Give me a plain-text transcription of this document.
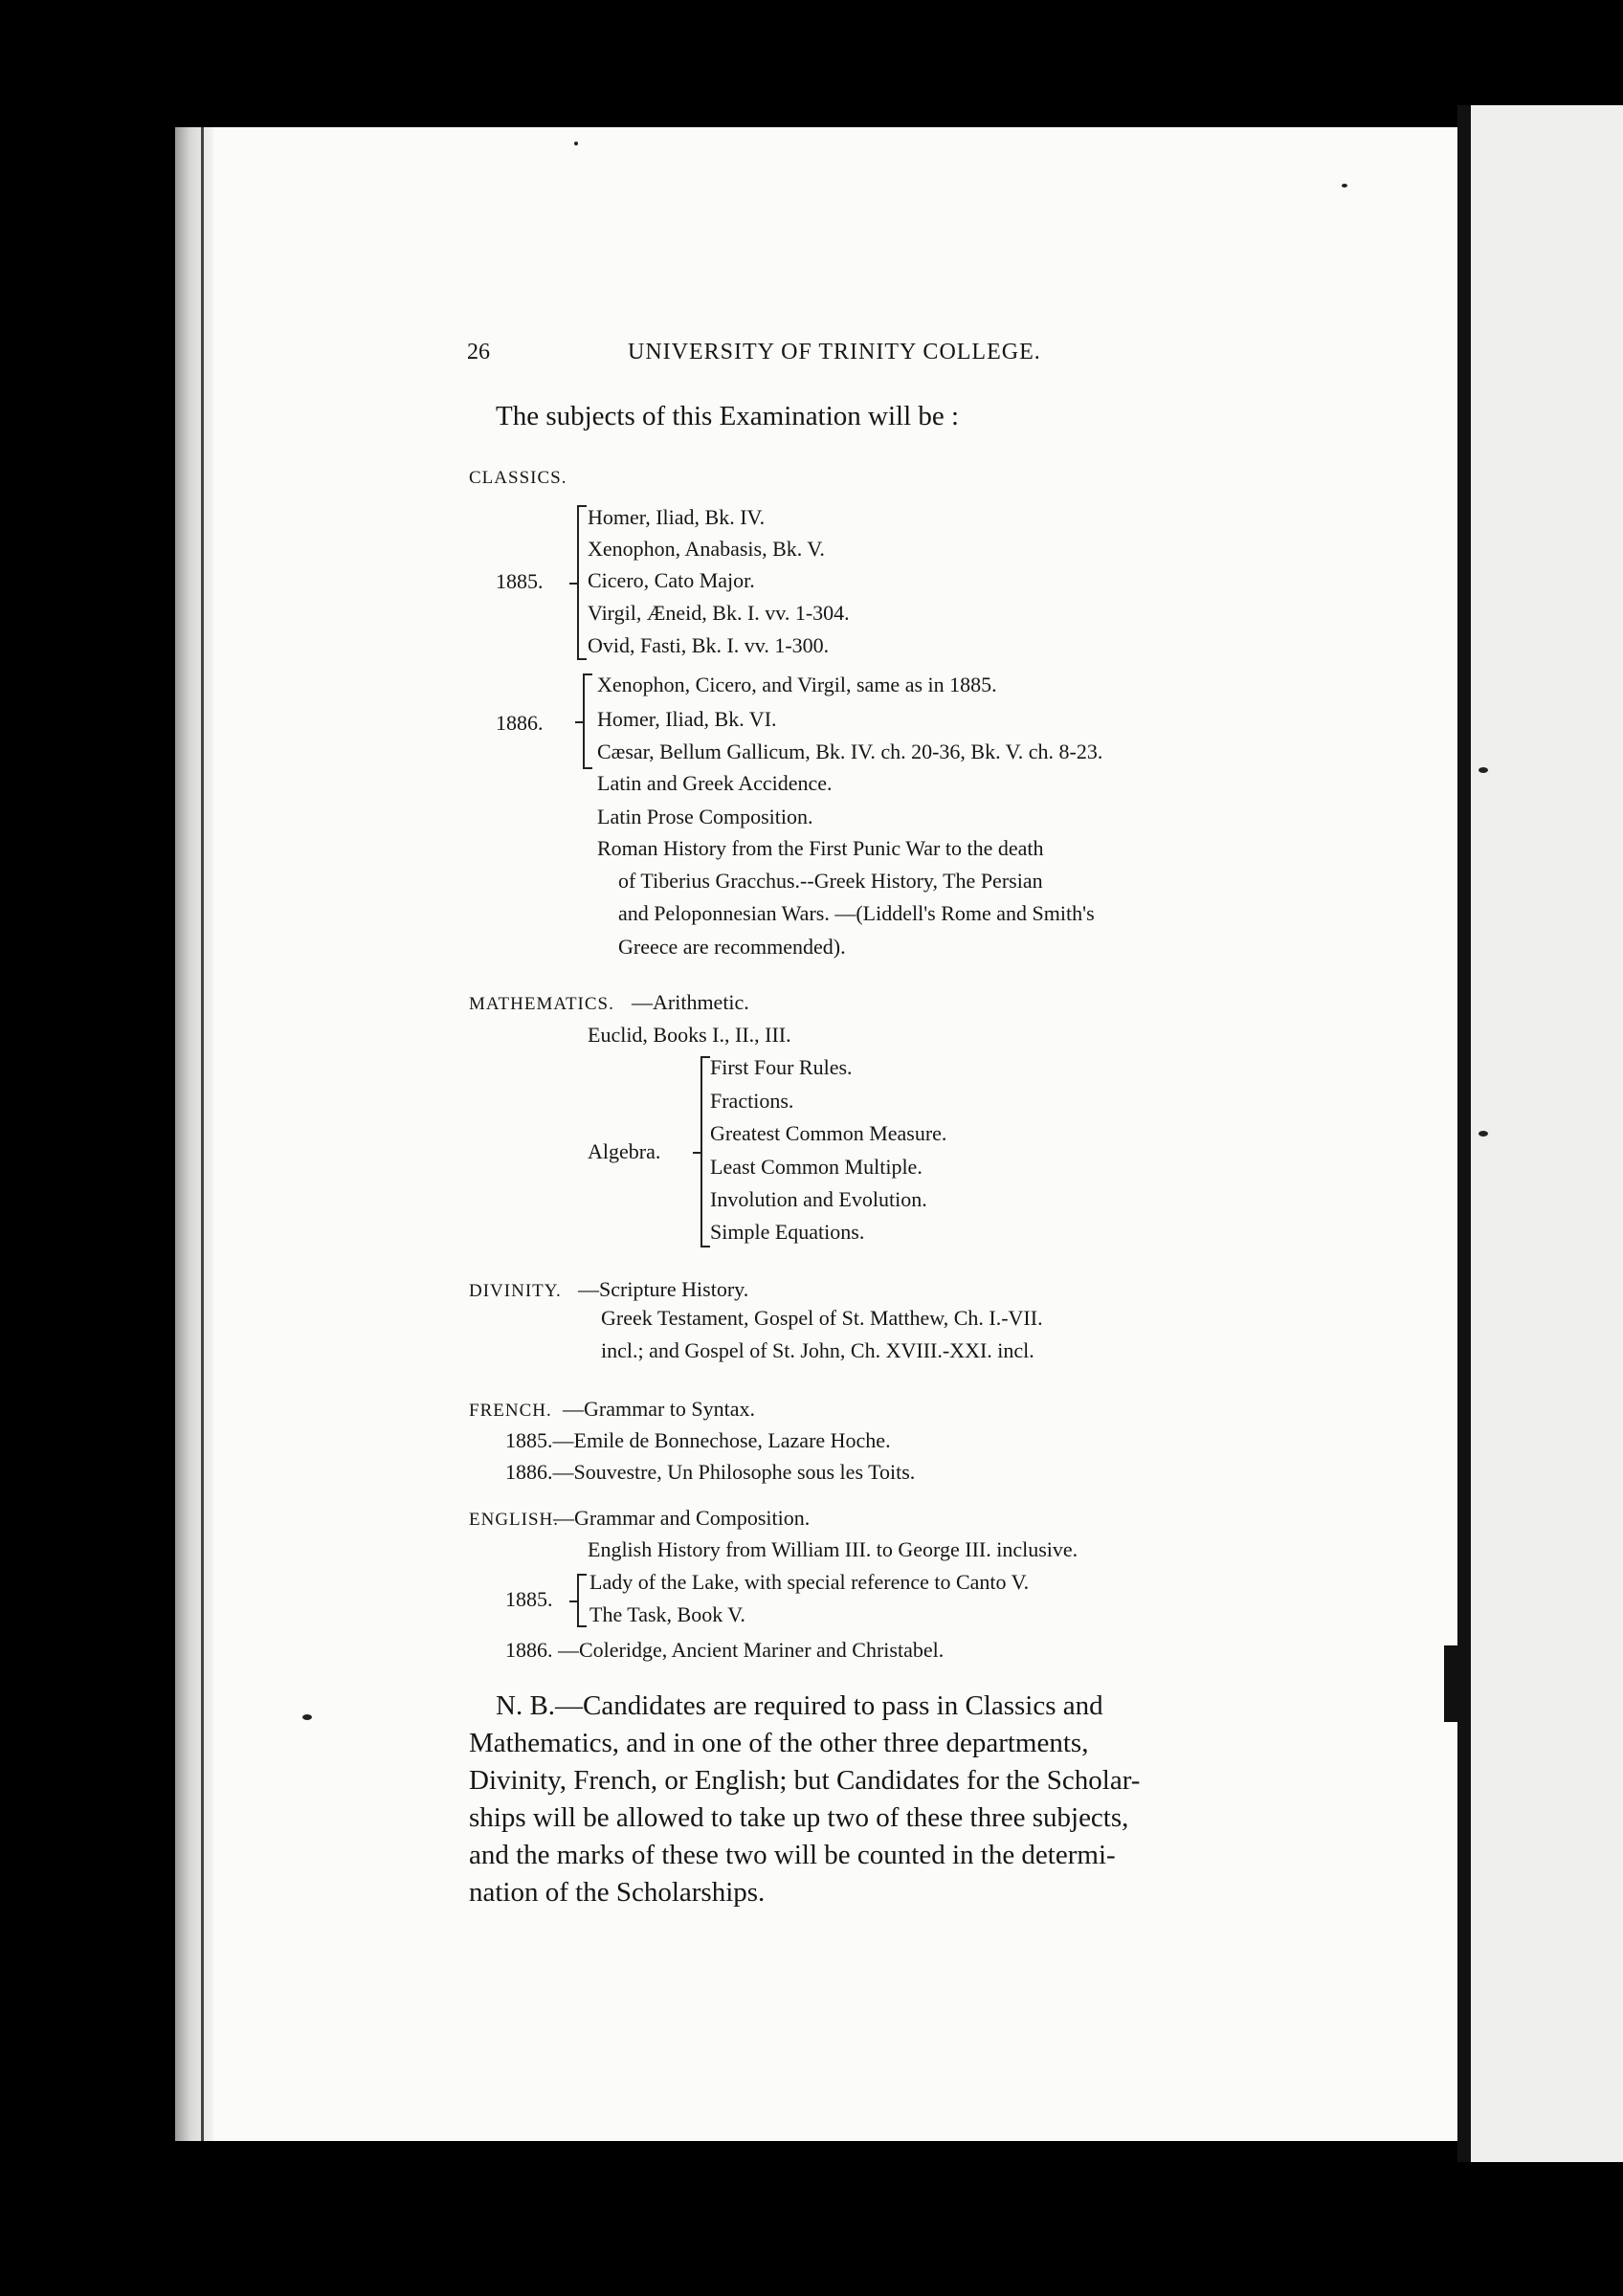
26	UNIVERSITY OF TRINITY COLLEGE.
The subjects of this Examination will be :
CLASSICS.
1885.
Homer, Iliad, Bk. IV.
Xenophon, Anabasis, Bk. V.
Cicero, Cato Major.
Virgil, Æneid, Bk. I. vv. 1-304.
Ovid, Fasti, Bk. I. vv. 1-300.
1886.
Xenophon, Cicero, and Virgil, same as in 1885.
Homer, Iliad, Bk. VI.
Cæsar, Bellum Gallicum, Bk. IV. ch. 20-36, Bk. V. ch. 8-23.
Latin and Greek Accidence.
Latin Prose Composition.
Roman History from the First Punic War to the death
of Tiberius Gracchus.--Greek History, The Persian
and Peloponnesian Wars. —(Liddell's Rome and Smith's
Greece are recommended).
MATHEMATICS. —Arithmetic.
Euclid, Books I., II., III.
Algebra.
First Four Rules.
Fractions.
Greatest Common Measure.
Least Common Multiple.
Involution and Evolution.
Simple Equations.
DIVINITY. —Scripture History.
Greek Testament, Gospel of St. Matthew, Ch. I.-VII.
incl.; and Gospel of St. John, Ch. XVIII.-XXI. incl.
FRENCH. —Grammar to Syntax.
1885.—Emile de Bonnechose, Lazare Hoche.
1886.—Souvestre, Un Philosophe sous les Toits.
ENGLISH.
—Grammar and Composition.
English History from William III. to George III. inclusive.
1885.
Lady of the Lake, with special reference to Canto V.
The Task, Book V.
1886. —Coleridge, Ancient Mariner and Christabel.
N. B.—Candidates are required to pass in Classics and
Mathematics, and in one of the other three departments,
Divinity, French, or English; but Candidates for the Scholar-
ships will be allowed to take up two of these three subjects,
and the marks of these two will be counted in the determi-
nation of the Scholarships.
